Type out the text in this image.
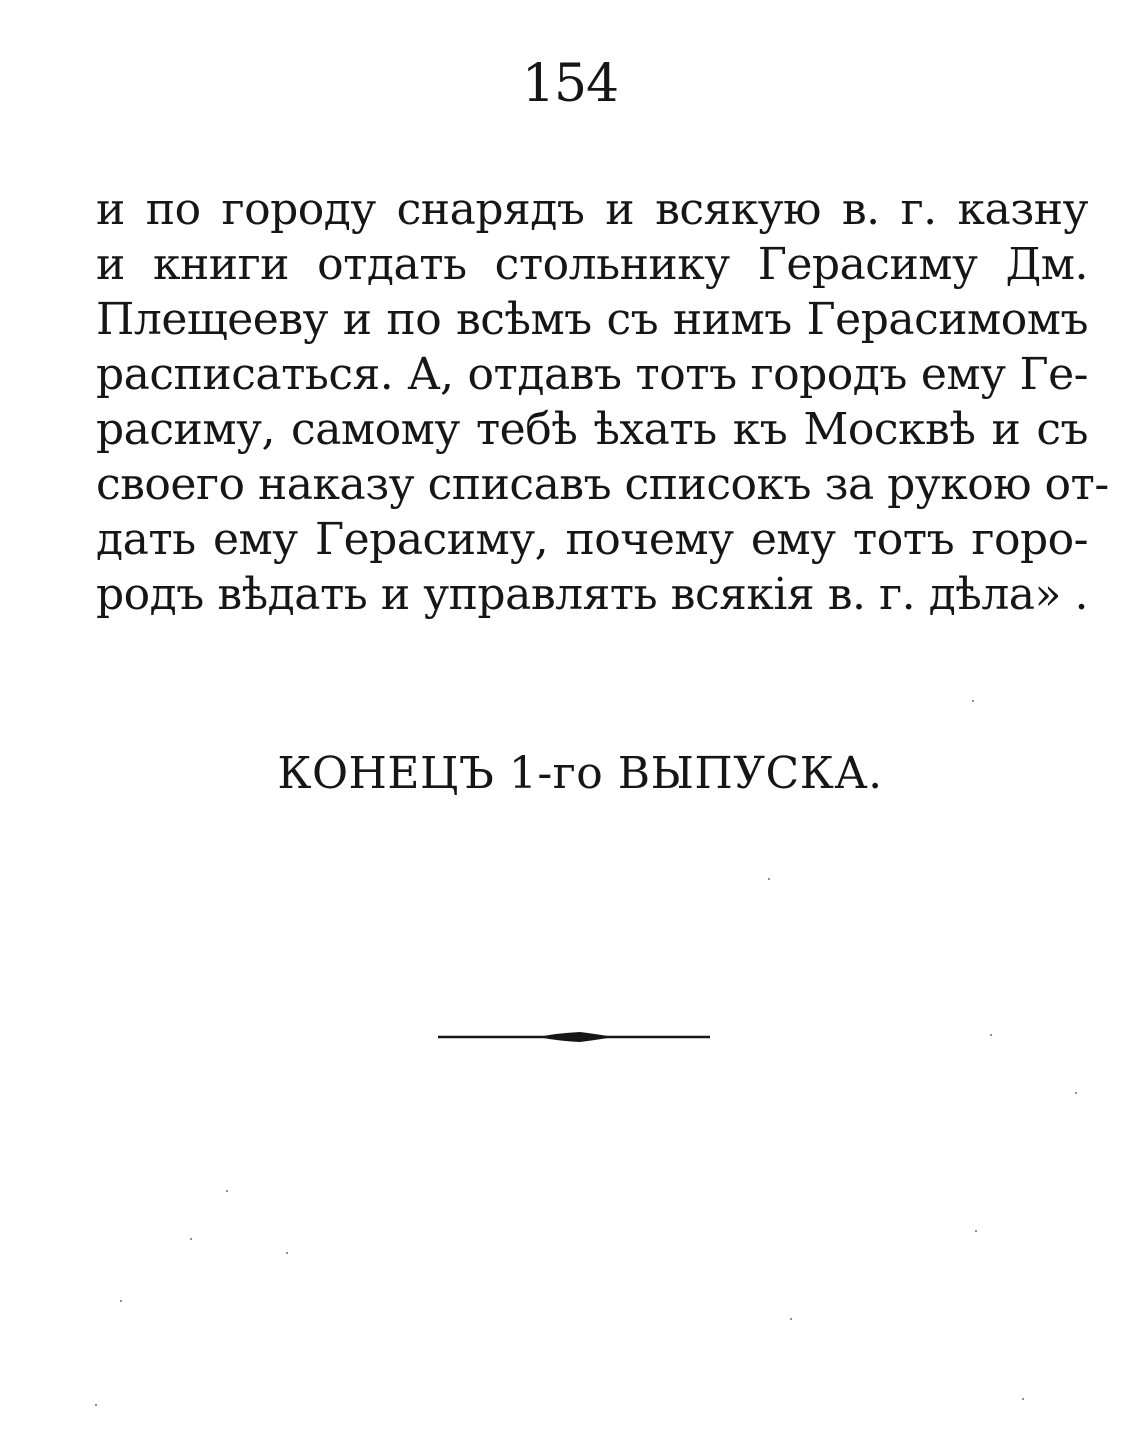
154
и по городу снарядъ и всякую в. г. казну
и книги отдать стольнику Герасиму Дм.
Плещееву и по всѣмъ съ нимъ Герасимомъ
расписаться. А, отдавъ тотъ городъ ему Ге-
расиму, самому тебѣ ѣхать къ Москвѣ и съ
своего наказу списавъ списокъ за рукою от-
дать ему Герасиму, почему ему тотъ горо-
родъ вѣдать и управлять всякія в. г. дѣла» .
КОНЕЦЪ 1-го ВЫПУСКА.
